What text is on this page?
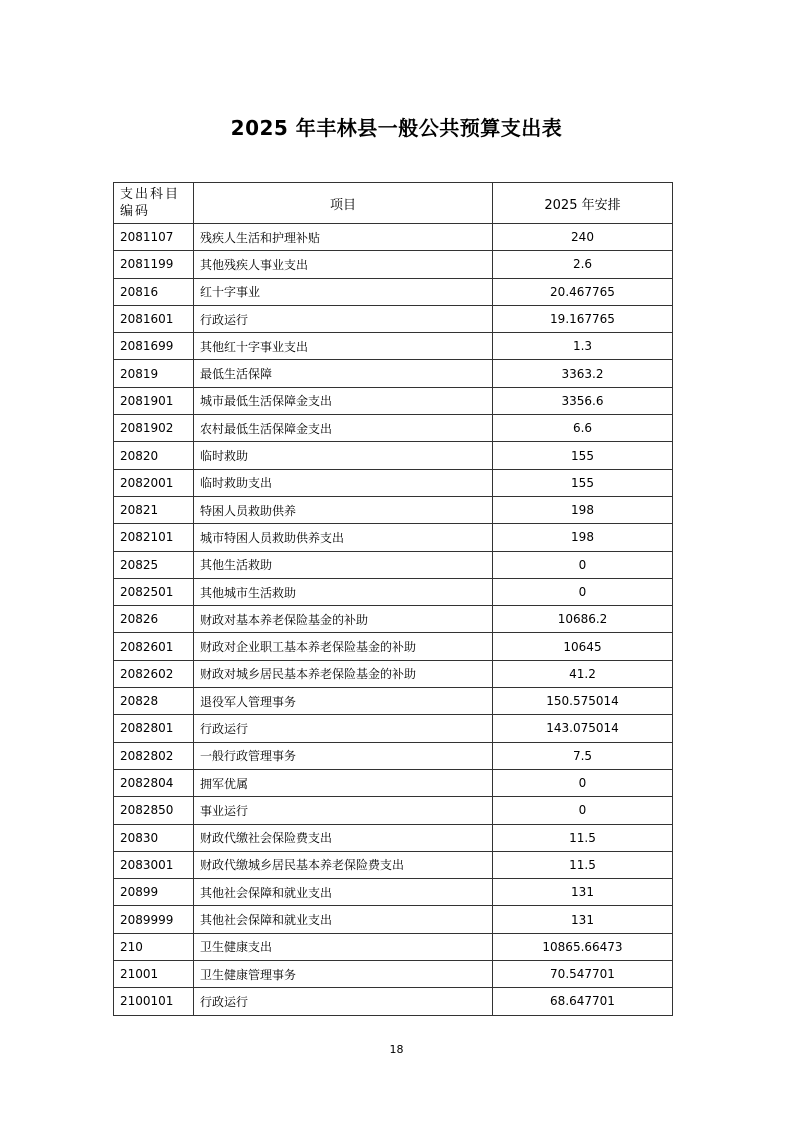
2025 年丰林县一般公共预算支出表
支出科目编码	项目	2025 年安排
2081107	残疾人生活和护理补贴	240
2081199	其他残疾人事业支出	2.6
20816	红十字事业	20.467765
2081601	行政运行	19.167765
2081699	其他红十字事业支出	1.3
20819	最低生活保障	3363.2
2081901	城市最低生活保障金支出	3356.6
2081902	农村最低生活保障金支出	6.6
20820	临时救助	155
2082001	临时救助支出	155
20821	特困人员救助供养	198
2082101	城市特困人员救助供养支出	198
20825	其他生活救助	0
2082501	其他城市生活救助	0
20826	财政对基本养老保险基金的补助	10686.2
2082601	财政对企业职工基本养老保险基金的补助	10645
2082602	财政对城乡居民基本养老保险基金的补助	41.2
20828	退役军人管理事务	150.575014
2082801	行政运行	143.075014
2082802	一般行政管理事务	7.5
2082804	拥军优属	0
2082850	事业运行	0
20830	财政代缴社会保险费支出	11.5
2083001	财政代缴城乡居民基本养老保险费支出	11.5
20899	其他社会保障和就业支出	131
2089999	其他社会保障和就业支出	131
210	卫生健康支出	10865.66473
21001	卫生健康管理事务	70.547701
2100101	行政运行	68.647701
18
